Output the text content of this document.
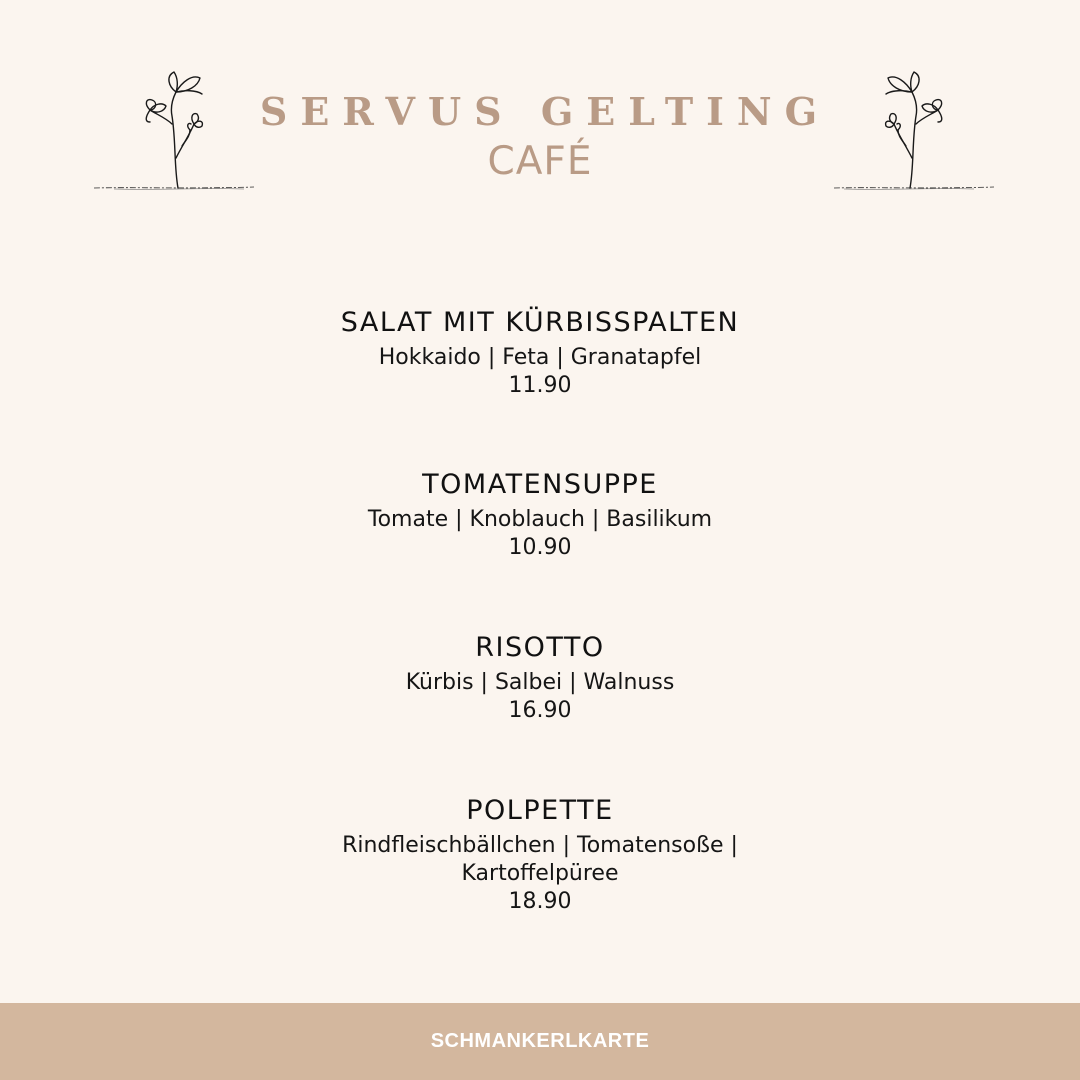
SERVUS GELTING
CAFÉ
SALAT MIT KÜRBISSPALTEN
Hokkaido | Feta | Granatapfel
11.90
TOMATENSUPPE
Tomate | Knoblauch | Basilikum
10.90
RISOTTO
Kürbis | Salbei | Walnuss
16.90
POLPETTE
Rindfleischbällchen | Tomatensoße | Kartoffelpüree
18.90
SCHMANKERLKARTE
